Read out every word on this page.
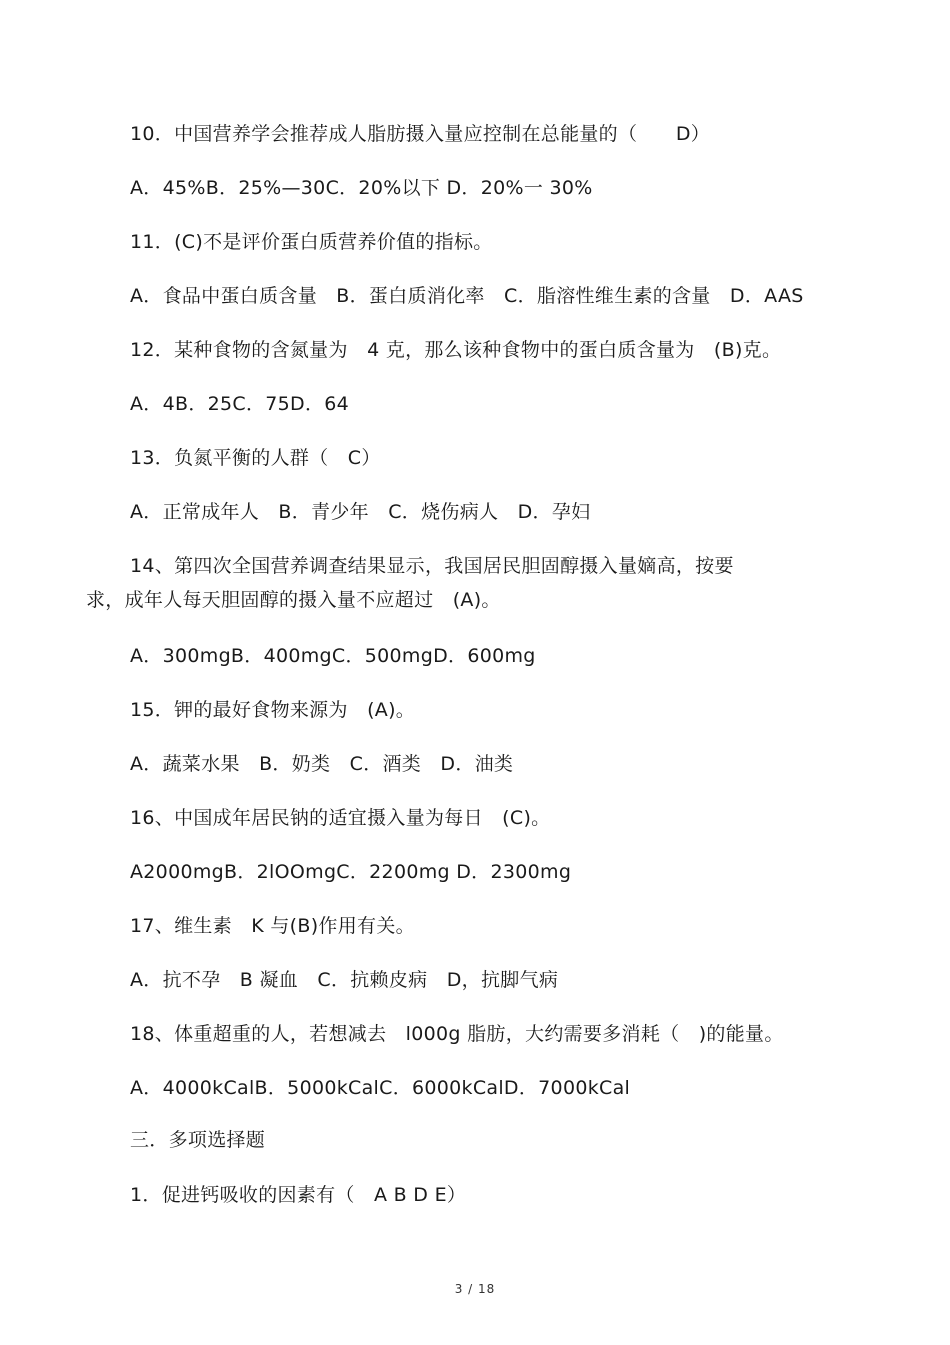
10．中国营养学会推荐成人脂肪摄入量应控制在总能量的（　　D）
A．45%B．25%—30C．20%以下 D．20%一 30%
11．(C)不是评价蛋白质营养价值的指标。
A．食品中蛋白质含量　B．蛋白质消化率　C．脂溶性维生素的含量　D．AAS
12．某种食物的含氮量为　4 克，那么该种食物中的蛋白质含量为　(B)克。
A．4B．25C．75D．64
13．负氮平衡的人群（　C）
A．正常成年人　B．青少年　C．烧伤病人　D．孕妇
14、第四次全国营养调查结果显示，我国居民胆固醇摄入量嫡高，按要
求，成年人每天胆固醇的摄入量不应超过　(A)。
A．300mgB．400mgC．500mgD．600mg
15．钾的最好食物来源为　(A)。
A．蔬菜水果　B．奶类　C．酒类　D．油类
16、中国成年居民钠的适宜摄入量为每日　(C)。
A2000mgB．2lOOmgC．2200mg D．2300mg
17、维生素　K 与(B)作用有关。
A．抗不孕　B 凝血　C．抗赖皮病　D，抗脚气病
18、体重超重的人，若想减去　l000g 脂肪，大约需要多消耗（　)的能量。
A．4000kCalB．5000kCalC．6000kCalD．7000kCal
三．多项选择题
1．促进钙吸收的因素有（　A B D E）
3 / 18
